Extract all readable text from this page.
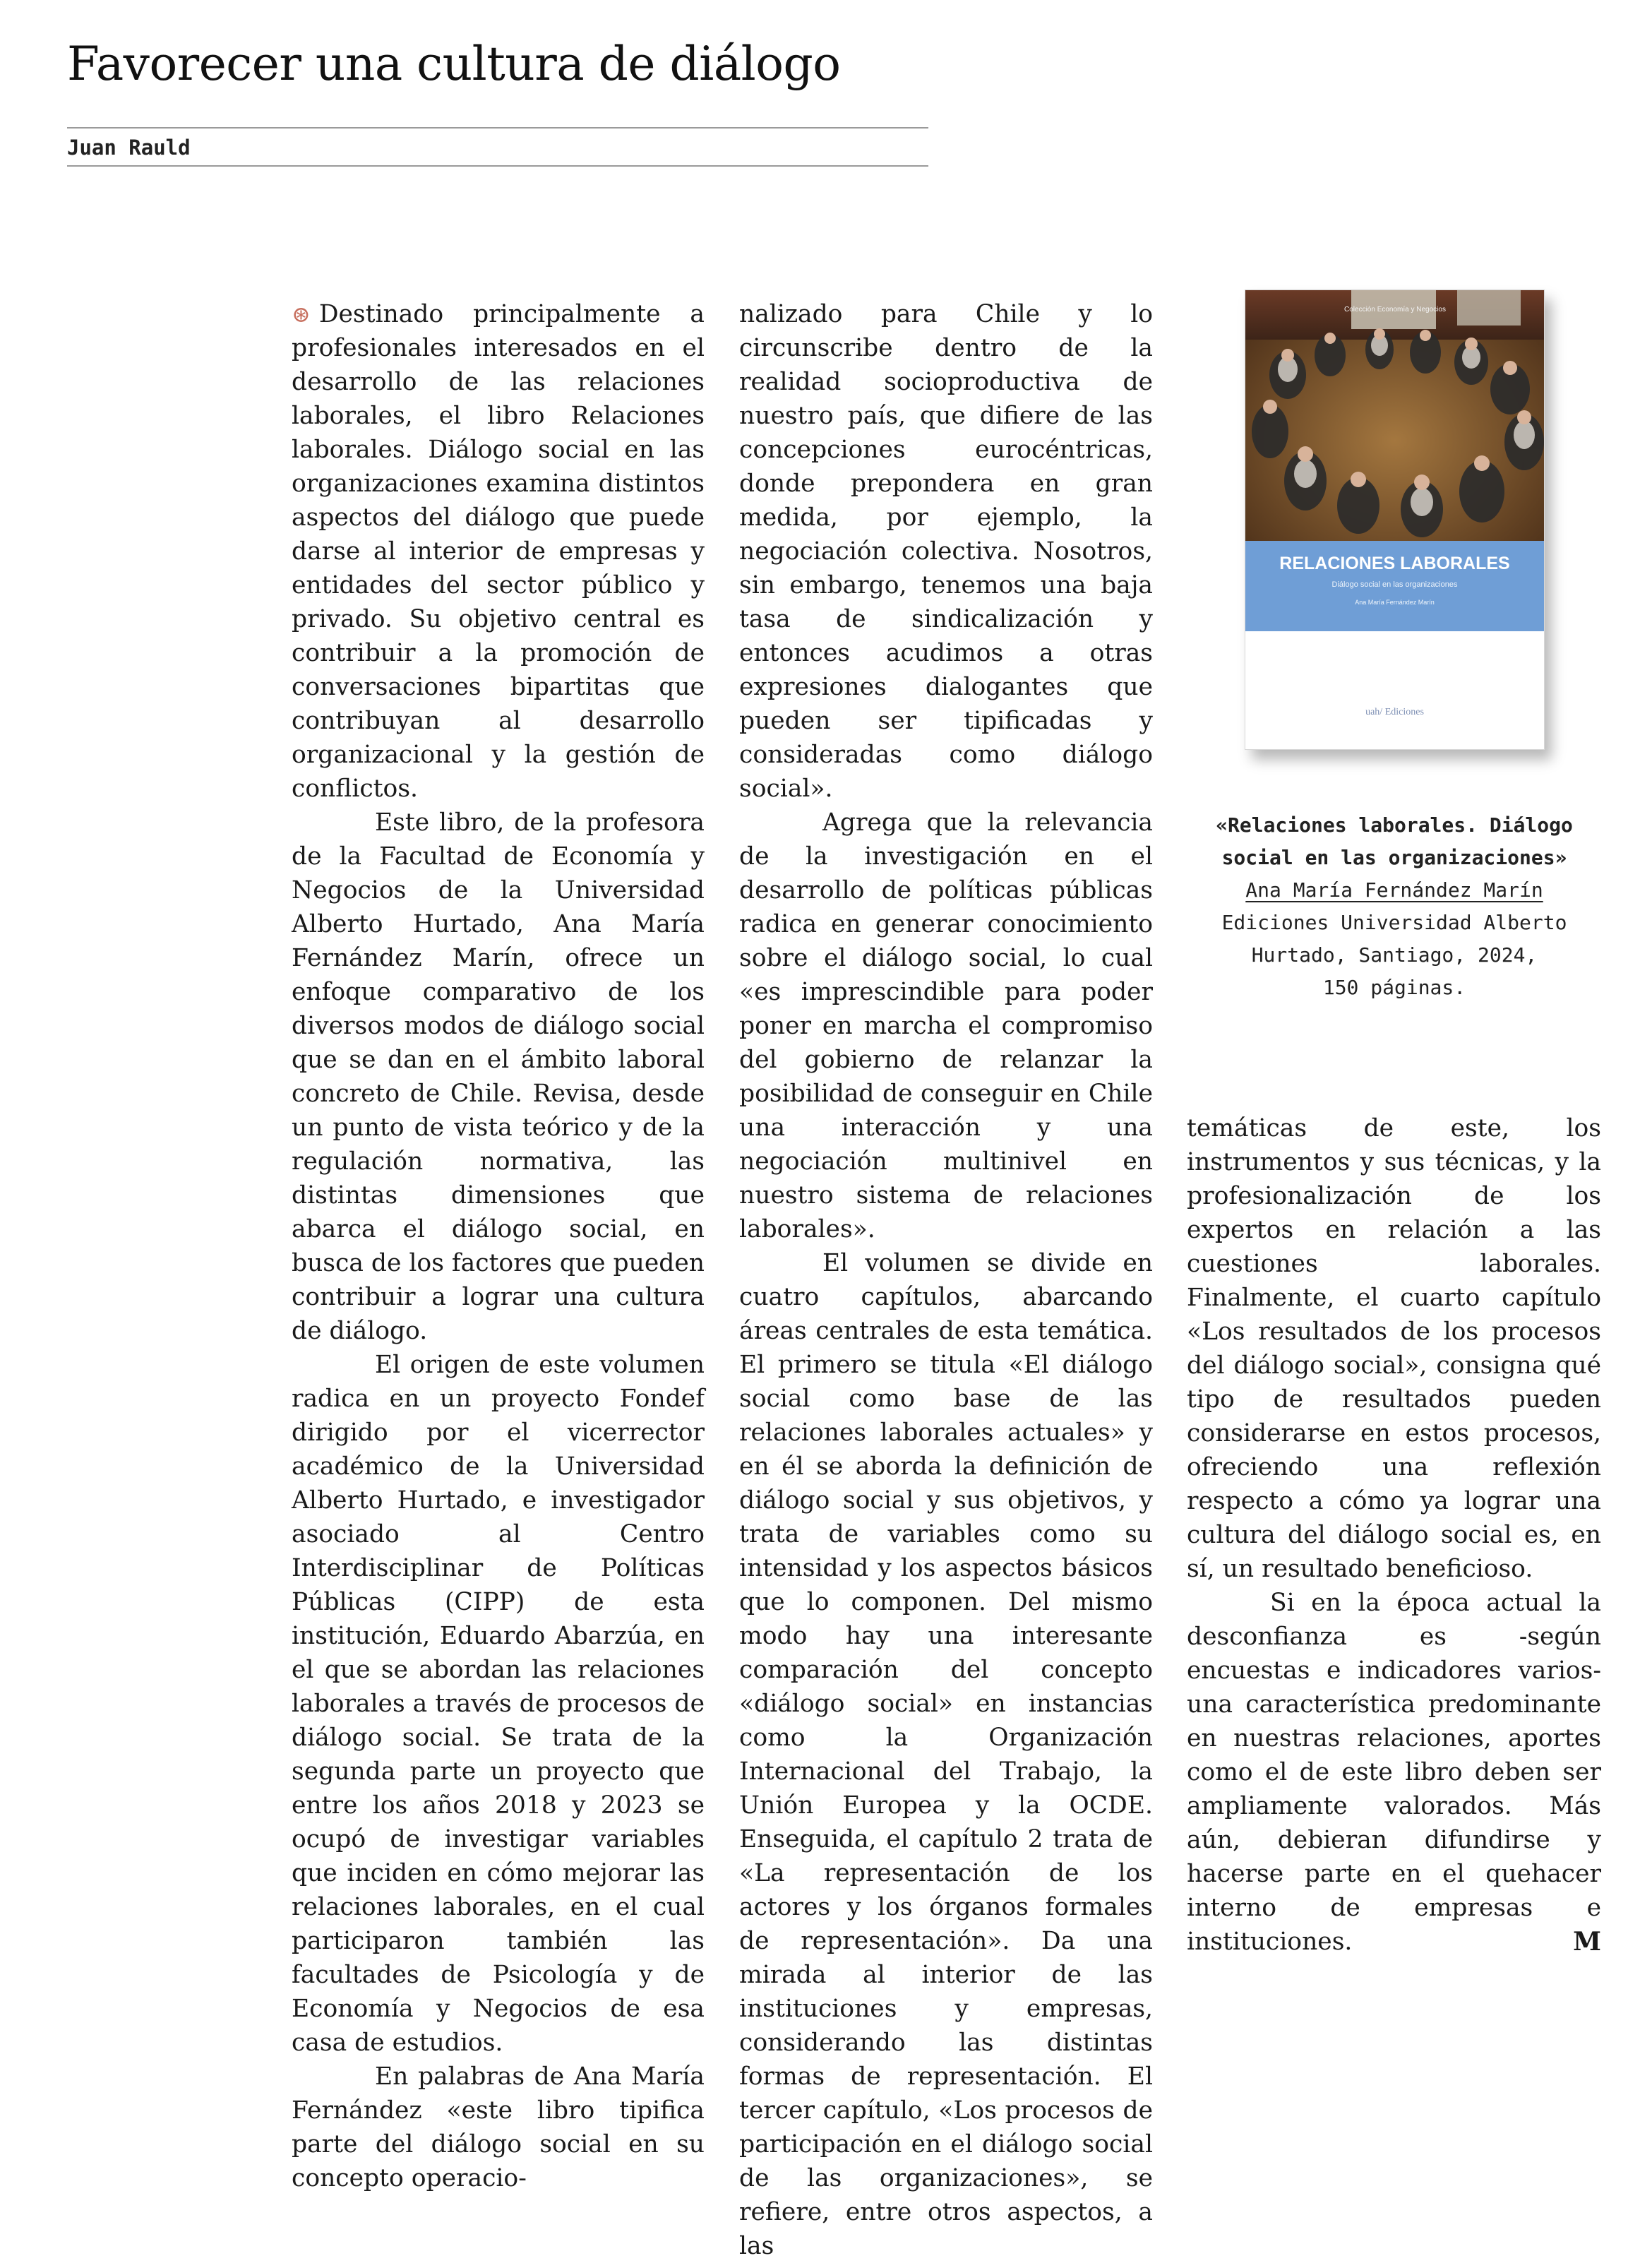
Favorecer una cultura de diálogo
Juan Rauld

⊛ Destinado principalmente a profesionales interesados en el desarrollo de las relaciones laborales, el libro Relaciones laborales. Diálogo social en las organizaciones examina distintos aspectos del diálogo que puede darse al interior de empresas y entidades del sector público y privado. Su objetivo central es contribuir a la promoción de conversaciones bipartitas que contribuyan al desarrollo organizacional y la gestión de conflictos.

Este libro, de la profesora de la Facultad de Economía y Negocios de la Universidad Alberto Hurtado, Ana María Fernández Marín, ofrece un enfoque comparativo de los diversos modos de diálogo social que se dan en el ámbito laboral concreto de Chile. Revisa, desde un punto de vista teórico y de la regulación normativa, las distintas dimensiones que abarca el diálogo social, en busca de los factores que pueden contribuir a lograr una cultura de diálogo.

El origen de este volumen radica en un proyecto Fondef dirigido por el vicerrector académico de la Universidad Alberto Hurtado, e investigador asociado al Centro Interdisciplinar de Políticas Públicas (CIPP) de esta institución, Eduardo Abarzúa, en el que se abordan las relaciones laborales a través de procesos de diálogo social. Se trata de la segunda parte un proyecto que entre los años 2018 y 2023 se ocupó de investigar variables que inciden en cómo mejorar las relaciones laborales, en el cual participaron también las facultades de Psicología y de Economía y Negocios de esa casa de estudios.

En palabras de Ana María Fernández «este libro tipifica parte del diálogo social en su concepto operacio-

nalizado para Chile y lo circunscribe dentro de la realidad socioproductiva de nuestro país, que difiere de las concepciones eurocéntricas, donde prepondera en gran medida, por ejemplo, la negociación colectiva. Nosotros, sin embargo, tenemos una baja tasa de sindicalización y entonces acudimos a otras expresiones dialogantes que pueden ser tipificadas y consideradas como diálogo social».

Agrega que la relevancia de la investigación en el desarrollo de políticas públicas radica en generar conocimiento sobre el diálogo social, lo cual «es imprescindible para poder poner en marcha el compromiso del gobierno de relanzar la posibilidad de conseguir en Chile una interacción y una negociación multinivel en nuestro sistema de relaciones laborales».

El volumen se divide en cuatro capítulos, abarcando áreas centrales de esta temática. El primero se titula «El diálogo social como base de las relaciones laborales actuales» y en él se aborda la definición de diálogo social y sus objetivos, y trata de variables como su intensidad y los aspectos básicos que lo componen. Del mismo modo hay una interesante comparación del concepto «diálogo social» en instancias como la Organización Internacional del Trabajo, la Unión Europea y la OCDE. Enseguida, el capítulo 2 trata de «La representación de los actores y los órganos formales de representación». Da una mirada al interior de las instituciones y empresas, considerando las distintas formas de representación. El tercer capítulo, «Los procesos de participación en el diálogo social de las organizaciones», se refiere, entre otros aspectos, a las

temáticas de este, los instrumentos y sus técnicas, y la profesionalización de los expertos en relación a las cuestiones laborales. Finalmente, el cuarto capítulo «Los resultados de los procesos del diálogo social», consigna qué tipo de resultados pueden considerarse en estos procesos, ofreciendo una reflexión respecto a cómo ya lograr una cultura del diálogo social es, en sí, un resultado beneficioso.

Si en la época actual la desconfianza es -según encuestas e indicadores varios- una característica predominante en nuestras relaciones, aportes como el de este libro deben ser ampliamente valorados. Más aún, debieran difundirse y hacerse parte en el quehacer interno de empresas e instituciones.	M

Colección Economía y Negocios
RELACIONES LABORALES
Diálogo social en las organizaciones
Ana María Fernández Marín
uah/ Ediciones
«Relaciones laborales. Diálogo
social en las organizaciones»
Ana María Fernández Marín
Ediciones Universidad Alberto
Hurtado, Santiago, 2024,
150 páginas.
